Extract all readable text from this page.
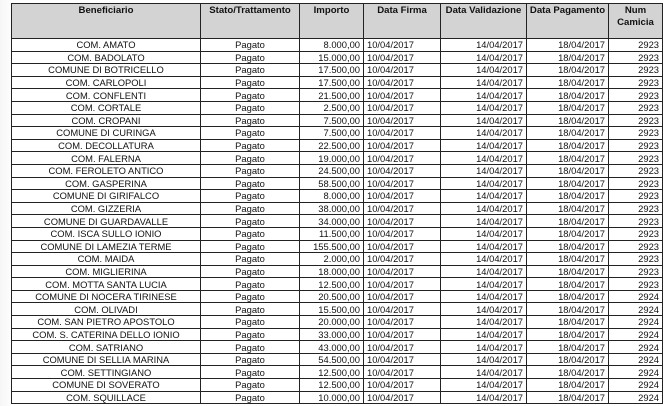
Beneficiario	Stato/Trattamento	Importo	Data Firma	Data Validazione	Data Pagamento	Num Camicia
COM. AMATO	Pagato	8.000,00	10/04/2017	14/04/2017	18/04/2017	2923
COM. BADOLATO	Pagato	15.000,00	10/04/2017	14/04/2017	18/04/2017	2923
COMUNE DI BOTRICELLO	Pagato	17.500,00	10/04/2017	14/04/2017	18/04/2017	2923
COM. CARLOPOLI	Pagato	17.500,00	10/04/2017	14/04/2017	18/04/2017	2923
COM. CONFLENTI	Pagato	21.500,00	10/04/2017	14/04/2017	18/04/2017	2923
COM. CORTALE	Pagato	2.500,00	10/04/2017	14/04/2017	18/04/2017	2923
COM. CROPANI	Pagato	7.500,00	10/04/2017	14/04/2017	18/04/2017	2923
COMUNE DI CURINGA	Pagato	7.500,00	10/04/2017	14/04/2017	18/04/2017	2923
COM. DECOLLATURA	Pagato	22.500,00	10/04/2017	14/04/2017	18/04/2017	2923
COM. FALERNA	Pagato	19.000,00	10/04/2017	14/04/2017	18/04/2017	2923
COM. FEROLETO ANTICO	Pagato	24.500,00	10/04/2017	14/04/2017	18/04/2017	2923
COM. GASPERINA	Pagato	58.500,00	10/04/2017	14/04/2017	18/04/2017	2923
COMUNE DI GIRIFALCO	Pagato	8.000,00	10/04/2017	14/04/2017	18/04/2017	2923
COM. GIZZERIA	Pagato	38.000,00	10/04/2017	14/04/2017	18/04/2017	2923
COMUNE DI GUARDAVALLE	Pagato	34.000,00	10/04/2017	14/04/2017	18/04/2017	2923
COM. ISCA SULLO IONIO	Pagato	11.500,00	10/04/2017	14/04/2017	18/04/2017	2923
COMUNE DI LAMEZIA TERME	Pagato	155.500,00	10/04/2017	14/04/2017	18/04/2017	2923
COM. MAIDA	Pagato	2.000,00	10/04/2017	14/04/2017	18/04/2017	2923
COM. MIGLIERINA	Pagato	18.000,00	10/04/2017	14/04/2017	18/04/2017	2923
COM. MOTTA SANTA LUCIA	Pagato	12.500,00	10/04/2017	14/04/2017	18/04/2017	2923
COMUNE DI NOCERA TIRINESE	Pagato	20.500,00	10/04/2017	14/04/2017	18/04/2017	2924
COM. OLIVADI	Pagato	15.500,00	10/04/2017	14/04/2017	18/04/2017	2924
COM. SAN PIETRO APOSTOLO	Pagato	20.000,00	10/04/2017	14/04/2017	18/04/2017	2924
COM. S. CATERINA DELLO IONIO	Pagato	33.000,00	10/04/2017	14/04/2017	18/04/2017	2924
COM. SATRIANO	Pagato	43.000,00	10/04/2017	14/04/2017	18/04/2017	2924
COMUNE DI SELLIA MARINA	Pagato	54.500,00	10/04/2017	14/04/2017	18/04/2017	2924
COM. SETTINGIANO	Pagato	12.500,00	10/04/2017	14/04/2017	18/04/2017	2924
COMUNE DI SOVERATO	Pagato	12.500,00	10/04/2017	14/04/2017	18/04/2017	2924
COM. SQUILLACE	Pagato	10.000,00	10/04/2017	14/04/2017	18/04/2017	2924
